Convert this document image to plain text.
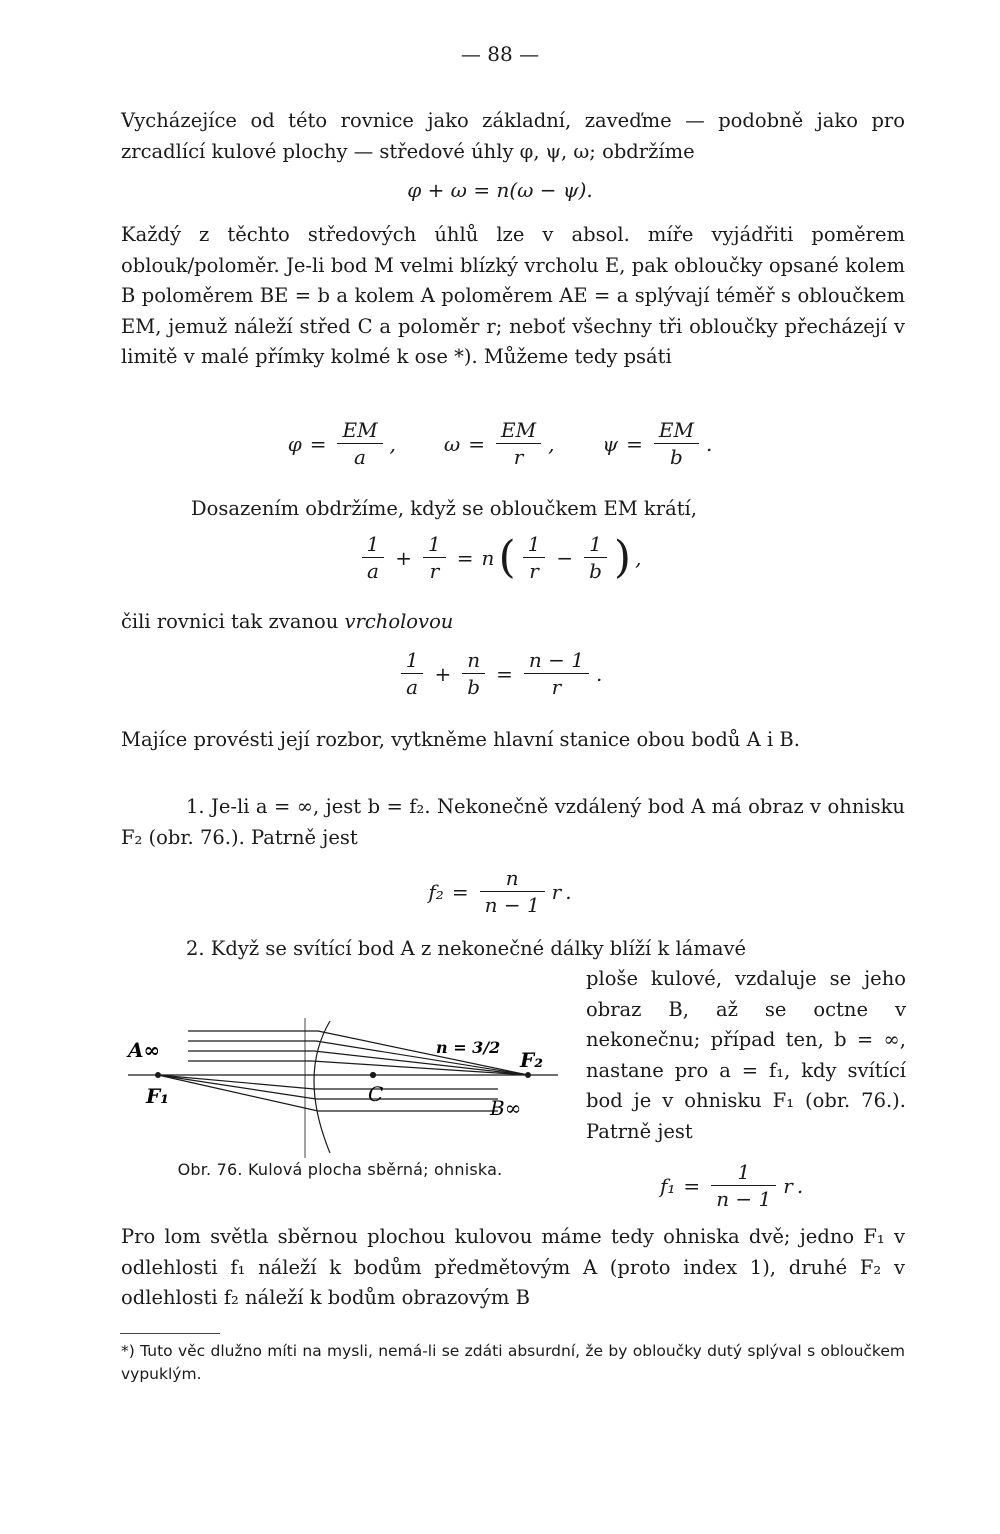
— 88 —
Vycházejíce od této rovnice jako základní, zaveďme — podobně jako pro zrcadlící kulové plochy — středové úhly φ, ψ, ω; obdržíme
φ + ω = n(ω − ψ).
Každý z těchto středových úhlů lze v absol. míře vyjádřiti poměrem oblouk/poloměr. Je-li bod M velmi blízký vrcholu E, pak obloučky opsané kolem B poloměrem BE = b a kolem A poloměrem AE = a splývají téměř s obloučkem EM, jemuž náleží střed C a poloměr r; neboť všechny tři obloučky přecházejí v limitě v malé přímky kolmé k ose *). Můžeme tedy psáti
$\varphi = \frac{EM}{a}$ , $\omega = \frac{EM}{r}$ , $\psi = \frac{EM}{b}$ .
Dosazením obdržíme, když se obloučkem EM krátí,
$\frac{1}{a} + \frac{1}{r} = n$ ( $\frac{1}{r} - \frac{1}{b}$ ) ,
čili rovnici tak zvanou vrcholovou
$\frac{1}{a} + \frac{n}{b} = \frac{n - 1}{r}$ .
Majíce provésti její rozbor, vytkněme hlavní stanice obou bodů A i B.
1. Je-li a = ∞, jest b = f₂. Nekonečně vzdálený bod A má obraz v ohnisku F₂ (obr. 76.). Patrně jest
$f_2 = \frac{n}{n - 1}$ r .
2. Když se svítící bod A z nekonečné dálky blíží k lámavé
ploše kulové, vzdaluje se jeho obraz B, až se octne v nekonečnu; případ ten, b = ∞, nastane pro a = f₁, kdy svítící bod je v ohnisku F₁ (obr. 76.). Patrně jest
A∞
F₁	C
n = 3/2
F₂
B∞
Obr. 76. Kulová plocha sběrná; ohniska.
$f_1 = \frac{1}{n - 1}$ r .
Pro lom světla sběrnou plochou kulovou máme tedy ohniska dvě; jedno F₁ v odlehlosti f₁ náleží k bodům předmětovým A (proto index 1), druhé F₂ v odlehlosti f₂ náleží k bodům obrazovým B
*) Tuto věc dlužno míti na mysli, nemá-li se zdáti absurdní, že by obloučky dutý splýval s obloučkem vypuklým.
